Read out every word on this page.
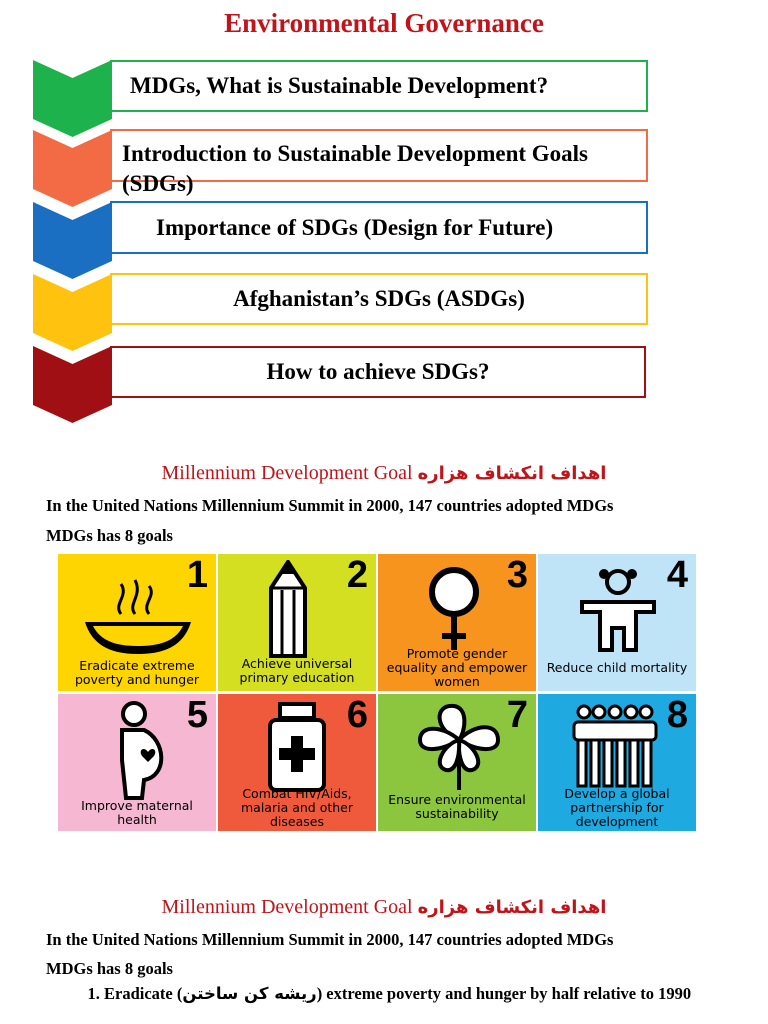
Environmental Governance
MDGs, What is Sustainable Development?
Introduction to Sustainable Development Goals (SDGs)
Importance of SDGs (Design for Future)
Afghanistan’s SDGs (ASDGs)
How to achieve SDGs?
Millennium Development Goal اهداف انکشاف هزاره
In the United Nations Millennium Summit in 2000, 147 countries adopted MDGs
MDGs has 8 goals
1
Eradicate extreme poverty and hunger
2
Achieve universal primary education
3
Promote gender equality and empower women
4
Reduce child mortality
5
Improve maternal health
6
Combat HIV/Aids, malaria and other diseases
7
Ensure environmental sustainability
8
Develop a global partnership for development
Millennium Development Goal اهداف انکشاف هزاره
In the United Nations Millennium Summit in 2000, 147 countries adopted MDGs
MDGs has 8 goals
1. Eradicate (ریشه کن ساختن) extreme poverty and hunger by half relative to 1990
